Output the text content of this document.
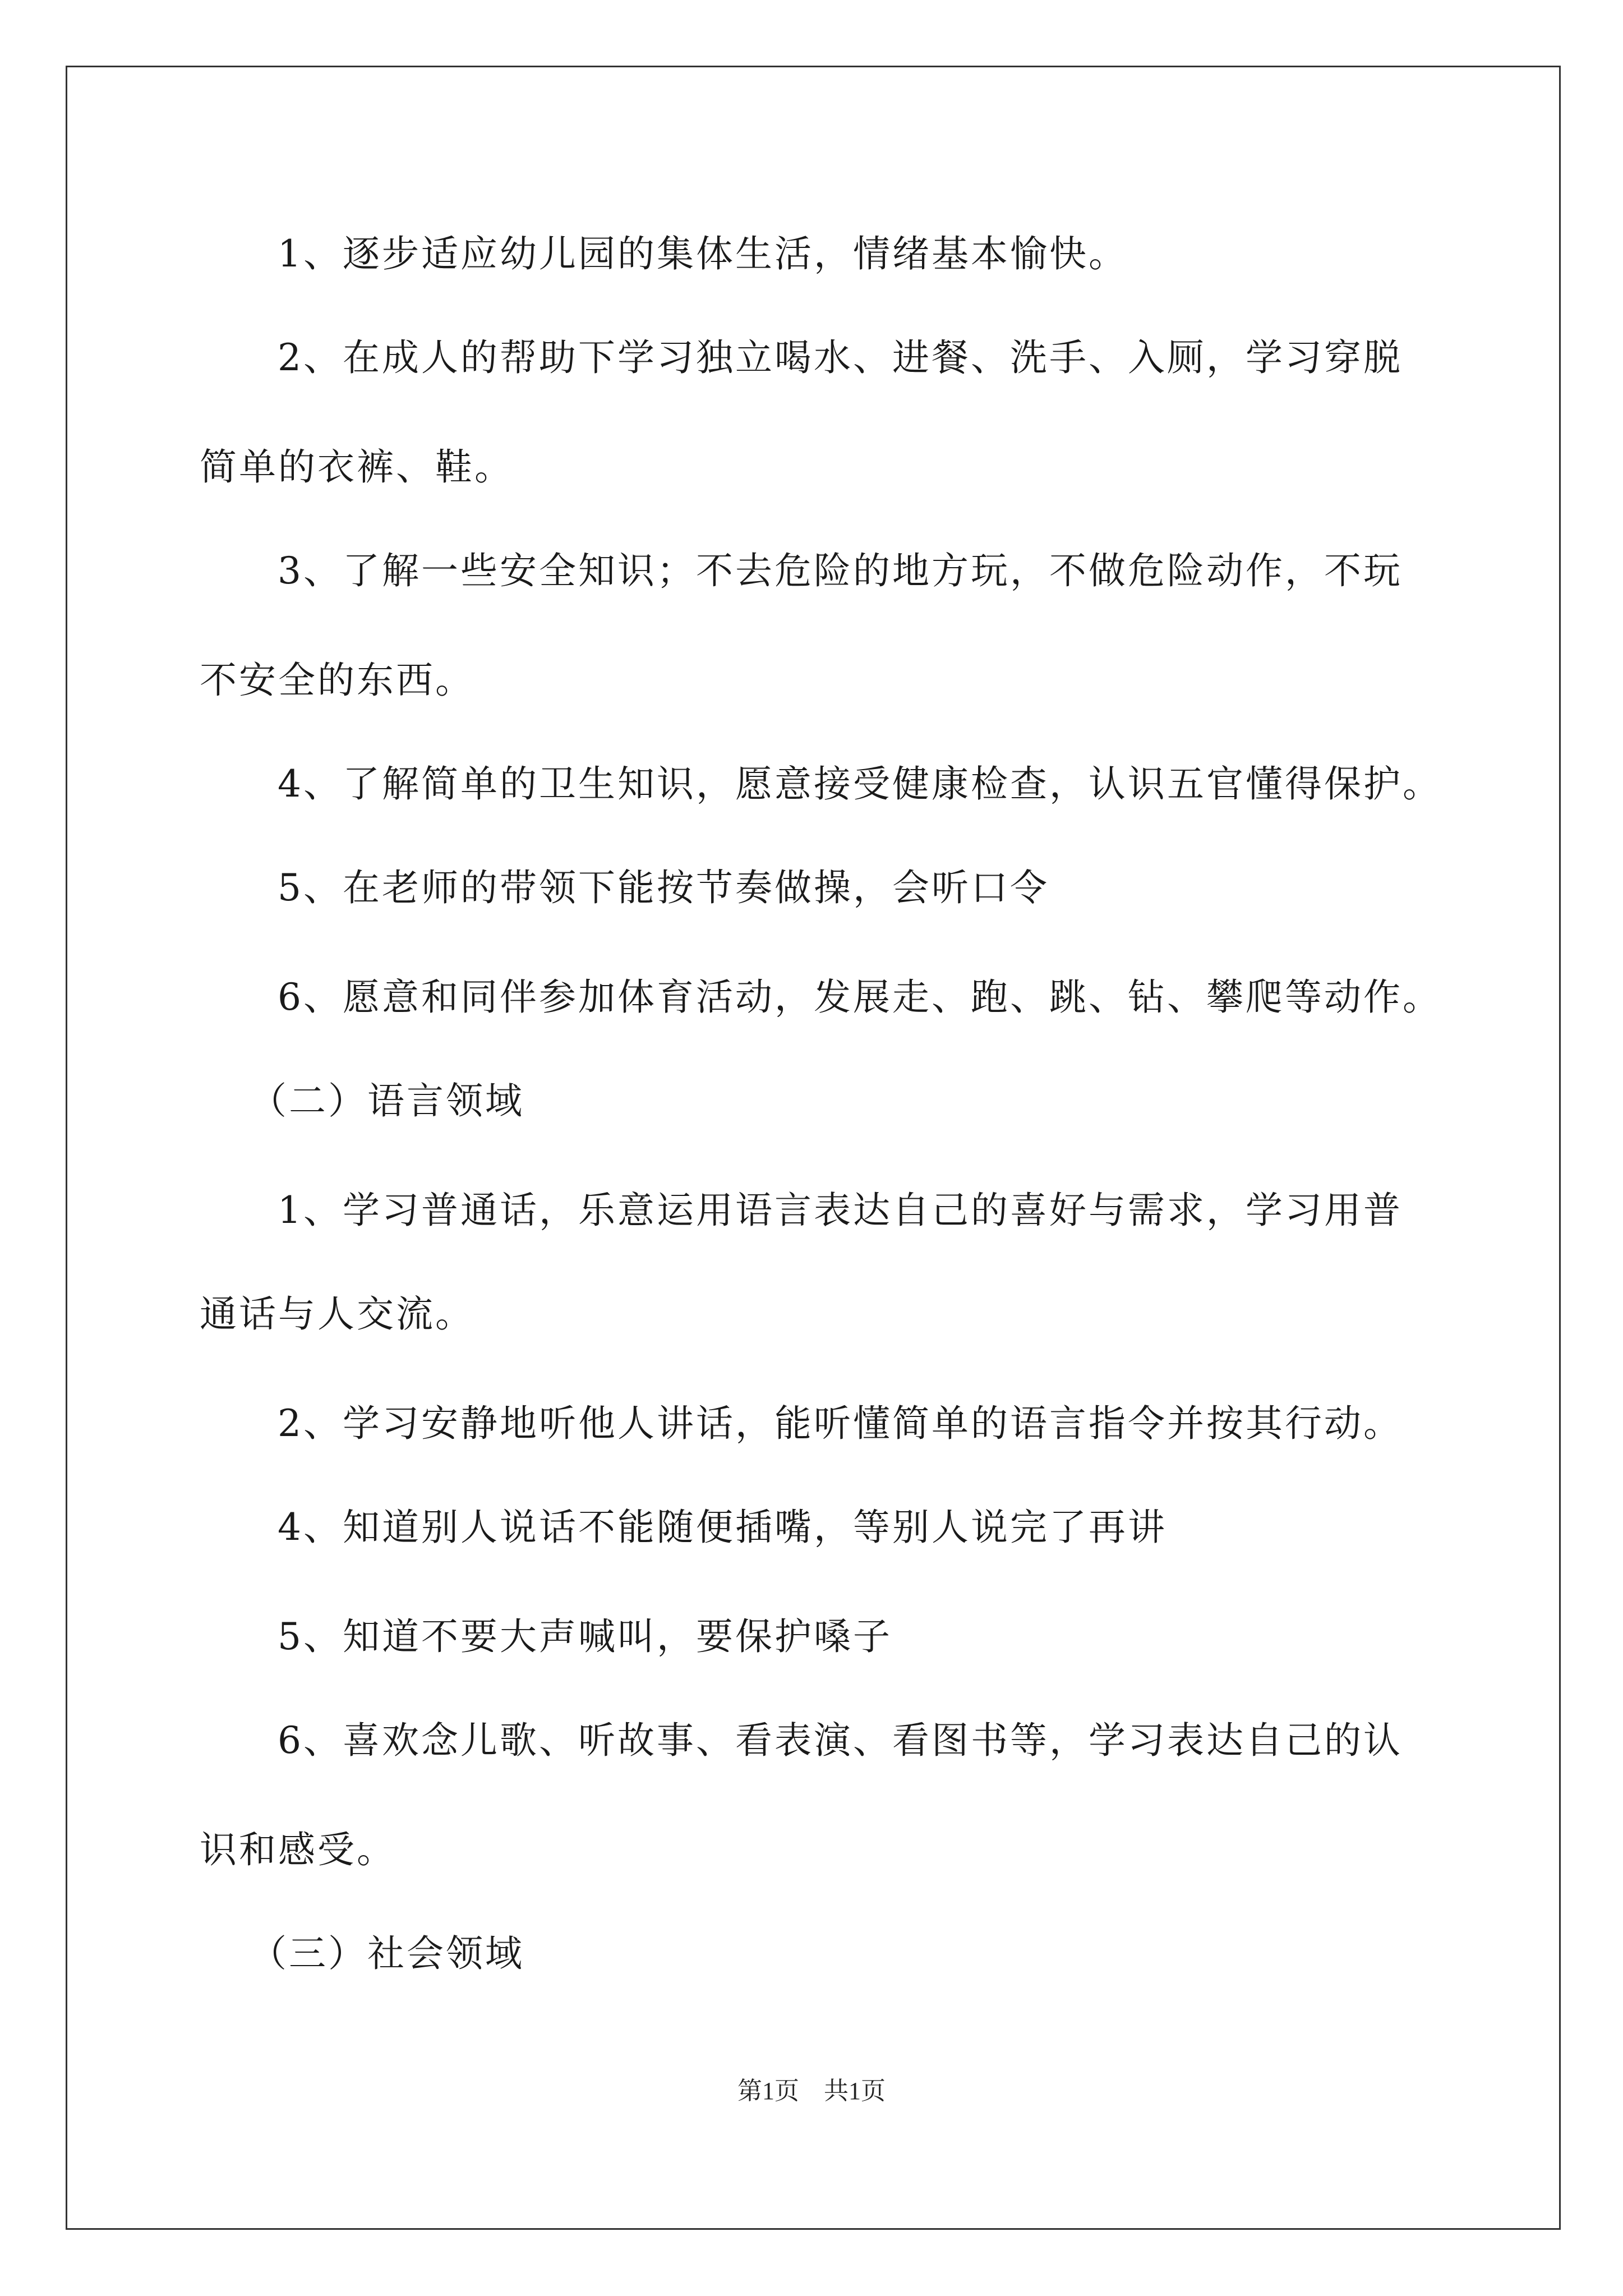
1、逐步适应幼儿园的集体生活，情绪基本愉快。
2、在成人的帮助下学习独立喝水、进餐、洗手、入厕，学习穿脱
简单的衣裤、鞋。
3、了解一些安全知识；不去危险的地方玩，不做危险动作，不玩
不安全的东西。
4、了解简单的卫生知识，愿意接受健康检查，认识五官懂得保护。
5、在老师的带领下能按节奏做操，会听口令
6、愿意和同伴参加体育活动，发展走、跑、跳、钻、攀爬等动作。
（二）语言领域
1、学习普通话，乐意运用语言表达自己的喜好与需求，学习用普
通话与人交流。
2、学习安静地听他人讲话，能听懂简单的语言指令并按其行动。
4、知道别人说话不能随便插嘴，等别人说完了再讲
5、知道不要大声喊叫，要保护嗓子
6、喜欢念儿歌、听故事、看表演、看图书等，学习表达自己的认
识和感受。
（三）社会领域
第1页　共1页
